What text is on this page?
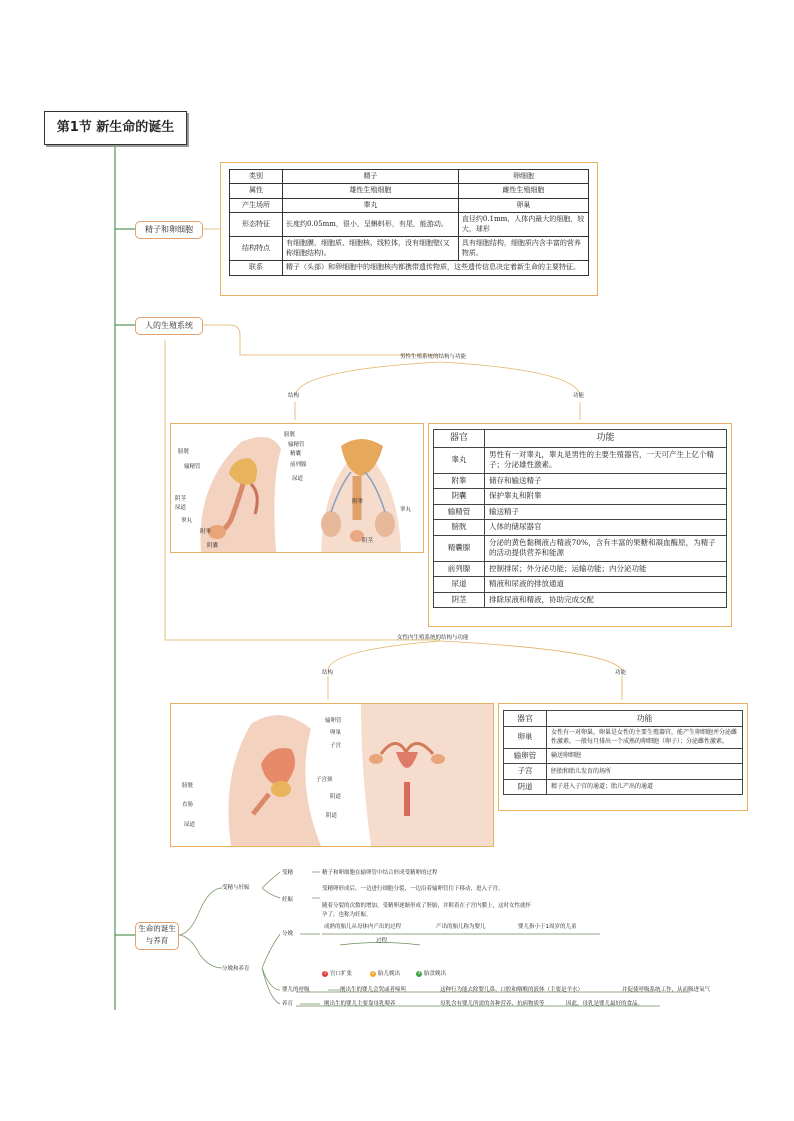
第1节 新生命的诞生
精子和卵细胞
人的生殖系统
生命的诞生与养育
类别	精子	卵细胞
属性	雄性生殖细胞	雌性生殖细胞
产生场所	睾丸	卵巢
形态特征	长度约0.05mm，很小，呈蝌蚪形，有尾，能游动。	直径约0.1mm，人体内最大的细胞，较大，球形
结构特点	有细胞膜、细胞质、细胞核、线粒体，没有细胞壁(又称细胞结构)。	具有细胞结构，细胞质内含丰富的营养物质。
联系	精子（头部）和卵细胞中的细胞核内都携带遗传物质，这些遗传信息决定着新生命的主要特征。	
男性生殖系统的结构与功能
结构	功能
膀胱
输精管
阴茎
尿道
睾丸
附睾
阴囊
膀胱
输精管
精囊
前列腺
尿道
附睾
睾丸
阴茎
器官	功能
睾丸	男性有一对睾丸，睾丸是男性的主要生殖器官，一天可产生上亿个精子；分泌雄性激素。
附睾	储存和输送精子
阴囊	保护睾丸和附睾
输精管	输送精子
膀胱	人体的储尿器官
精囊腺	分泌的黄色黏稠液占精液70%，含有丰富的果糖和凝血酶原，为精子的活动提供营养和能源
前列腺	控制排尿；外分泌功能；运输功能；内分泌功能
尿道	精液和尿液的排放通道
阴茎	排除尿液和精液，协助完成交配
女性内生殖系统的结构与功能
结构	功能
输卵管
卵巢
子宫
膀胱
直肠
尿道
子宫颈
阴道
阴道
器官	功能
卵巢	女性有一对卵巢，卵巢是女性的主要生殖器官，能产生卵细胞并分泌雌性激素。一般每月排出一个成熟的卵细胞（卵子）；分泌雌性激素。
输卵管	输送卵细胞
子宫	胚胎和胎儿发育的场所
阴道	精子进入子宫的通道；胎儿产出的通道
受精与妊娠
受精	精子和卵细胞在输卵管中结合形成受精卵的过程
妊娠
受精卵形成后，一边进行细胞分裂，一边沿着输卵管往下移动，进入子宫。
随着分裂的次数的增加，受精卵逐渐形成了胚胎，并附着在子宫内膜上，这时女性就怀孕了，也称为妊娠。
分娩和养育
分娩
成熟的胎儿从母体内产出的过程	产出的胎儿称为婴儿	婴儿指小于1周岁的儿童
过程
1 宫口扩张	2 胎儿娩出	3 胎盘娩出
婴儿的呼吸	刚出生的婴儿会哭或者啼叫	这种行为能去除婴儿鼻、口腔和咽喉的液体（主要是羊水）	并促使呼吸系统工作，从而吸进氧气
养育	刚出生的婴儿主要靠母乳喂养	母乳含有婴儿所需的各种营养、抗病物质等	因此，母乳是婴儿最好的食品。
